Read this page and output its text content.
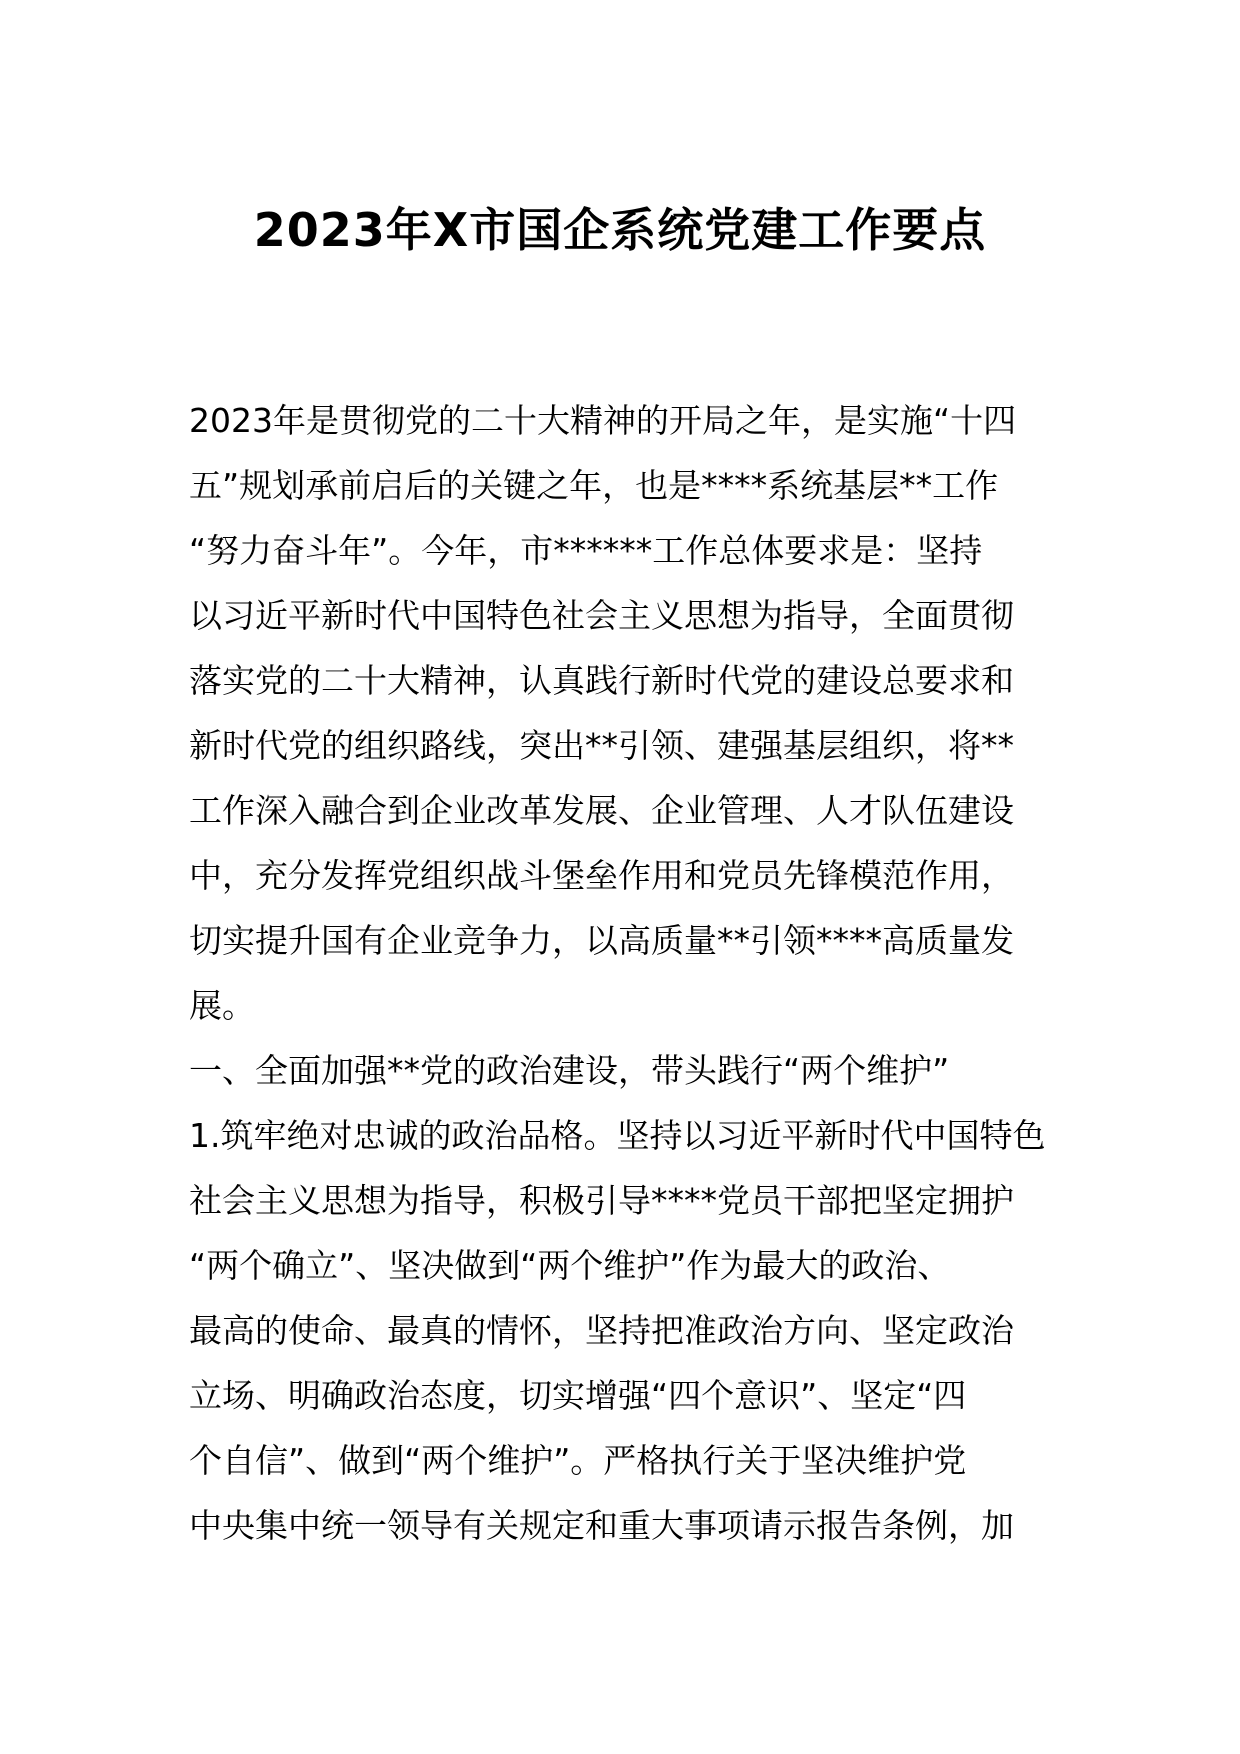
2023年X市国企系统党建工作要点
2023年是贯彻党的二十大精神的开局之年，是实施“十四
五”规划承前启后的关键之年，也是****系统基层**工作
“努力奋斗年”。今年，市******工作总体要求是：坚持
以习近平新时代中国特色社会主义思想为指导，全面贯彻
落实党的二十大精神，认真践行新时代党的建设总要求和
新时代党的组织路线，突出**引领、建强基层组织，将**
工作深入融合到企业改革发展、企业管理、人才队伍建设
中，充分发挥党组织战斗堡垒作用和党员先锋模范作用，
切实提升国有企业竞争力，以高质量**引领****高质量发
展。
一、全面加强**党的政治建设，带头践行“两个维护”
1.筑牢绝对忠诚的政治品格。坚持以习近平新时代中国特色
社会主义思想为指导，积极引导****党员干部把坚定拥护
“两个确立”、坚决做到“两个维护”作为最大的政治、
最高的使命、最真的情怀，坚持把准政治方向、坚定政治
立场、明确政治态度，切实增强“四个意识”、坚定“四
个自信”、做到“两个维护”。严格执行关于坚决维护党
中央集中统一领导有关规定和重大事项请示报告条例，加
